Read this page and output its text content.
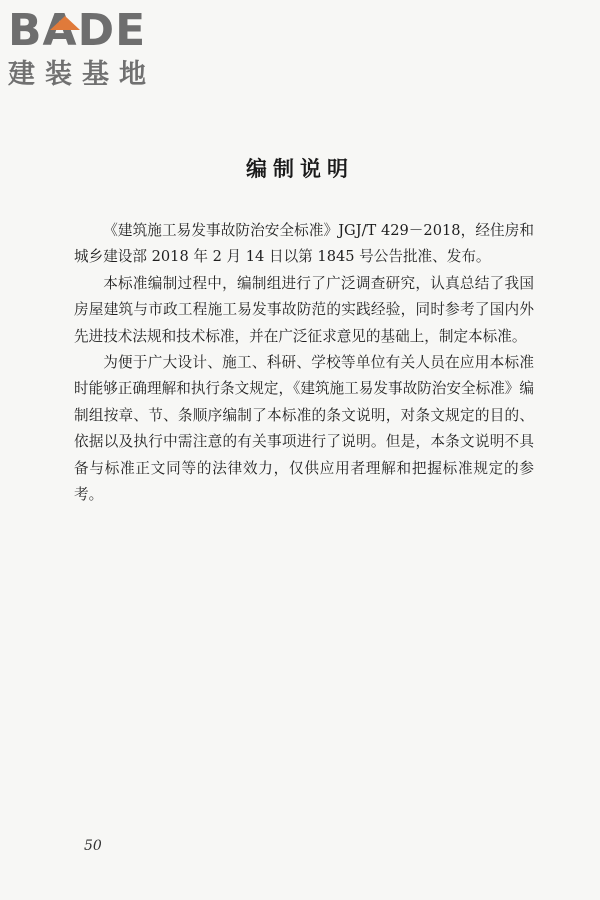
BADE
建装基地
编制说明

《建筑施工易发事故防治安全标准》JGJ/T 429－2018，经住房和城乡建设部 2018 年 2 月 14 日以第 1845 号公告批准、发布。

本标准编制过程中，编制组进行了广泛调查研究，认真总结了我国房屋建筑与市政工程施工易发事故防范的实践经验，同时参考了国内外先进技术法规和技术标准，并在广泛征求意见的基础上，制定本标准。

为便于广大设计、施工、科研、学校等单位有关人员在应用本标准时能够正确理解和执行条文规定，《建筑施工易发事故防治安全标准》编制组按章、节、条顺序编制了本标准的条文说明，对条文规定的目的、依据以及执行中需注意的有关事项进行了说明。但是，本条文说明不具备与标准正文同等的法律效力，仅供应用者理解和把握标准规定的参考。

50
